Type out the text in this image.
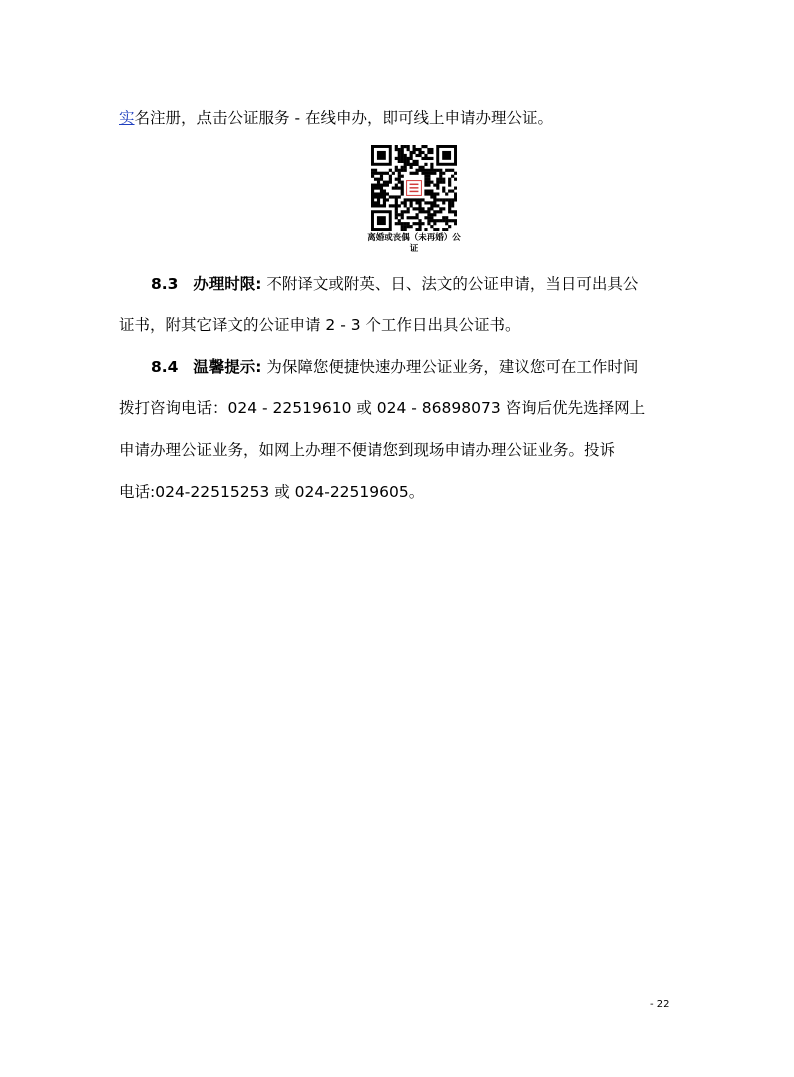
实名注册，点击公证服务 - 在线申办，即可线上申请办理公证。
离婚或丧偶（未再婚）公
证
8.3 办理时限: 不附译文或附英、日、法文的公证申请，当日可出具公
证书，附其它译文的公证申请 2 - 3 个工作日出具公证书。
8.4 温馨提示: 为保障您便捷快速办理公证业务，建议您可在工作时间
拨打咨询电话：024 - 22519610 或 024 - 86898073 咨询后优先选择网上
申请办理公证业务，如网上办理不便请您到现场申请办理公证业务。投诉
电话:024-22515253 或 024-22519605。
- 22
